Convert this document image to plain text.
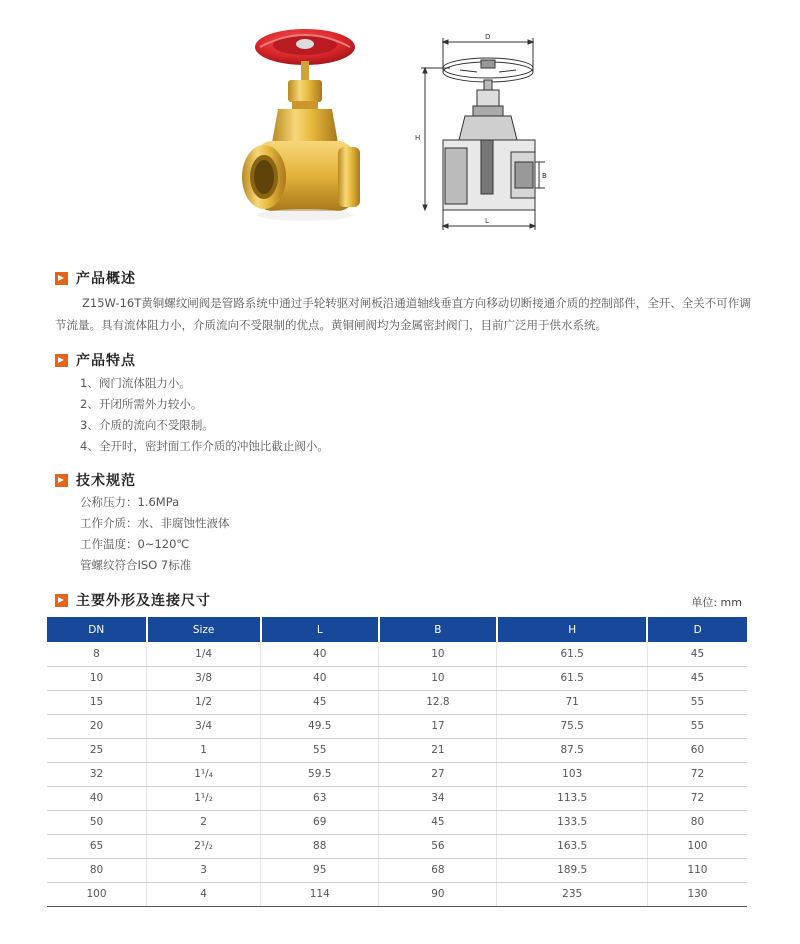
D
H
B
L
产品概述
Z15W-16T黄铜螺纹闸阀是管路系统中通过手轮转驱对闸板沿通道轴线垂直方向移动切断接通介质的控制部件，全开、全关不可作调
节流量。具有流体阻力小，介质流向不受限制的优点。黄铜闸阀均为金属密封阀门，目前广泛用于供水系统。
产品特点
1、阀门流体阻力小。
2、开闭所需外力较小。
3、介质的流向不受限制。
4、全开时，密封面工作介质的冲蚀比截止阀小。
技术规范
公称压力：1.6MPa
工作介质：水、非腐蚀性液体
工作温度：0~120℃
管螺纹符合ISO 7标准
主要外形及连接尺寸	单位: mm
DN	Size	L	B	H	D
8	1/4	40	10	61.5	45
10	3/8	40	10	61.5	45
15	1/2	45	12.8	71	55
20	3/4	49.5	17	75.5	55
25	1	55	21	87.5	60
32	1¹/₄	59.5	27	103	72
40	1¹/₂	63	34	113.5	72
50	2	69	45	133.5	80
65	2¹/₂	88	56	163.5	100
80	3	95	68	189.5	110
100	4	114	90	235	130
